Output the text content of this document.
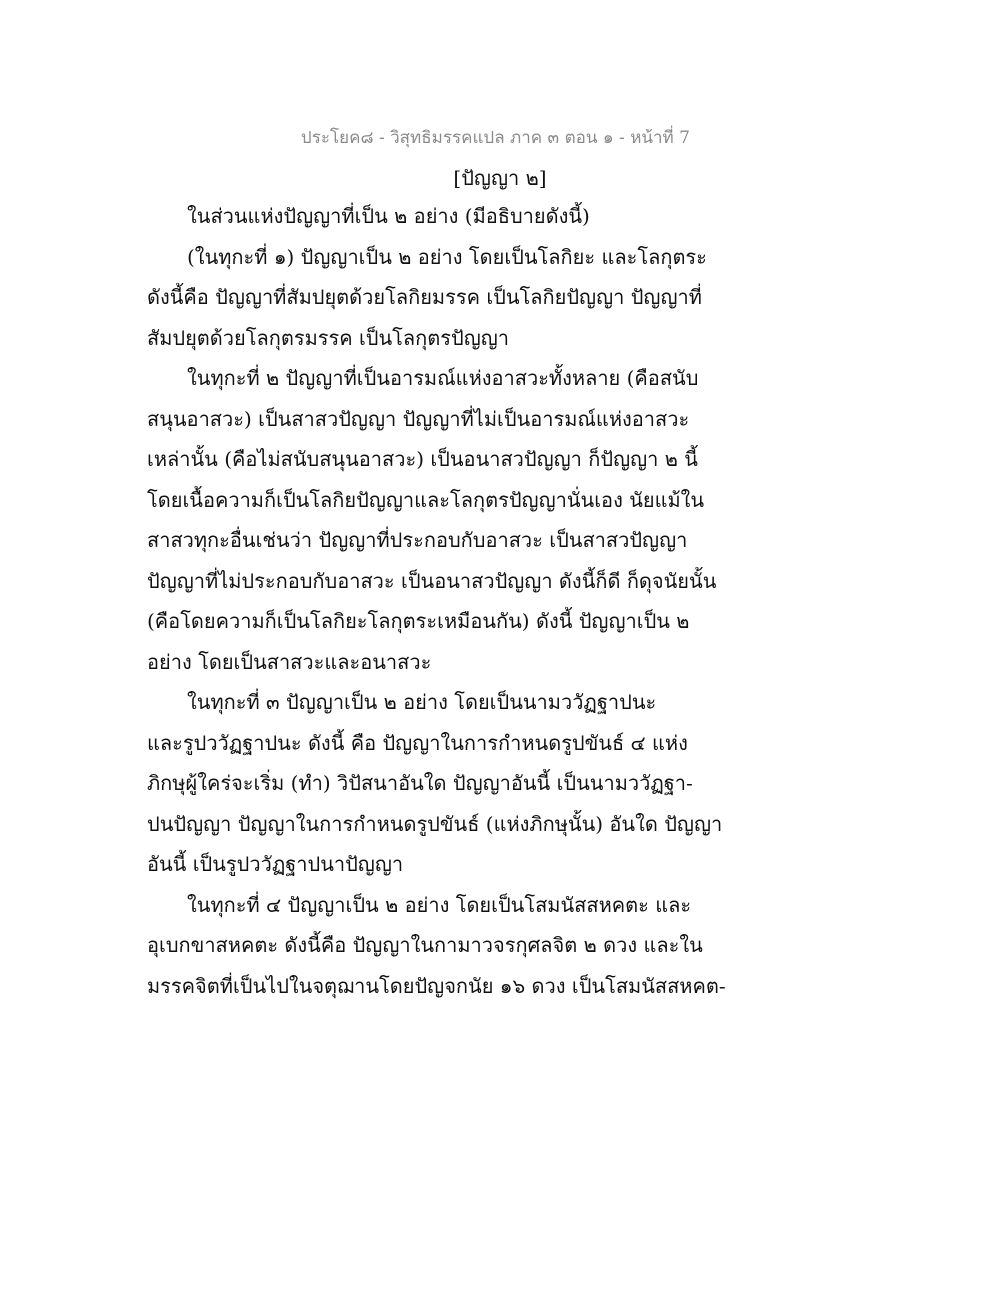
ประโยค๘ - วิสุทธิมรรคแปล ภาค ๓ ตอน ๑ - หน้าที่ 7
[ปัญญา ๒]
ในส่วนแห่งปัญญาที่เป็น ๒ อย่าง (มีอธิบายดังนี้)
(ในทุกะที่ ๑) ปัญญาเป็น ๒ อย่าง โดยเป็นโลกิยะ และโลกุตระ
ดังนี้คือ ปัญญาที่สัมปยุตด้วยโลกิยมรรค เป็นโลกิยปัญญา ปัญญาที่
สัมปยุตด้วยโลกุตรมรรค เป็นโลกุตรปัญญา
ในทุกะที่ ๒ ปัญญาที่เป็นอารมณ์แห่งอาสวะทั้งหลาย (คือสนับ
สนุนอาสวะ) เป็นสาสวปัญญา ปัญญาที่ไม่เป็นอารมณ์แห่งอาสวะ
เหล่านั้น (คือไม่สนับสนุนอาสวะ) เป็นอนาสวปัญญา ก็ปัญญา ๒ นี้
โดยเนื้อความก็เป็นโลกิยปัญญาและโลกุตรปัญญานั่นเอง นัยแม้ใน
สาสวทุกะอื่นเช่นว่า ปัญญาที่ประกอบกับอาสวะ เป็นสาสวปัญญา
ปัญญาที่ไม่ประกอบกับอาสวะ เป็นอนาสวปัญญา ดังนี้ก็ดี ก็ดุจนัยนั้น
(คือโดยความก็เป็นโลกิยะโลกุตระเหมือนกัน) ดังนี้ ปัญญาเป็น ๒
อย่าง โดยเป็นสาสวะและอนาสวะ
ในทุกะที่ ๓ ปัญญาเป็น ๒ อย่าง โดยเป็นนามววัฏฐาปนะ
และรูปววัฏฐาปนะ ดังนี้ คือ ปัญญาในการกำหนดรูปขันธ์ ๔ แห่ง
ภิกษุผู้ใคร่จะเริ่ม (ทำ) วิปัสนาอันใด ปัญญาอันนี้ เป็นนามววัฏฐา-
ปนปัญญา ปัญญาในการกำหนดรูปขันธ์ (แห่งภิกษุนั้น) อันใด ปัญญา
อันนี้ เป็นรูปววัฏฐาปนาปัญญา
ในทุกะที่ ๔ ปัญญาเป็น ๒ อย่าง โดยเป็นโสมนัสสหคตะ และ
อุเบกขาสหคตะ ดังนี้คือ ปัญญาในกามาวจรกุศลจิต ๒ ดวง และใน
มรรคจิตที่เป็นไปในจตุฌานโดยปัญจกนัย ๑๖ ดวง เป็นโสมนัสสหคต-
